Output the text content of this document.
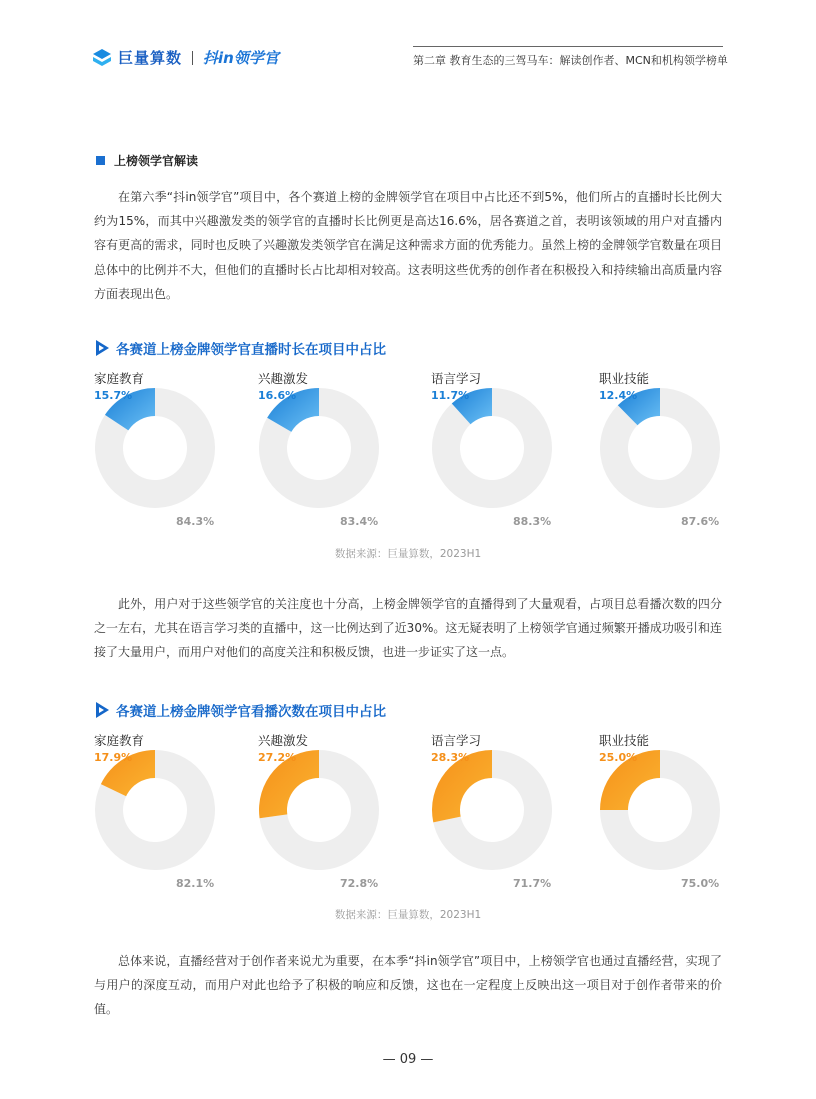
巨量算数 抖in领学官	第二章 教育生态的三驾马车：解读创作者、MCN和机构领学榜单
上榜领学官解读
在第六季“抖in领学官”项目中，各个赛道上榜的金牌领学官在项目中占比还不到5%，他们所占的直播时长比例大约为15%，而其中兴趣激发类的领学官的直播时长比例更是高达16.6%，居各赛道之首，表明该领域的用户对直播内容有更高的需求，同时也反映了兴趣激发类领学官在满足这种需求方面的优秀能力。虽然上榜的金牌领学官数量在项目总体中的比例并不大，但他们的直播时长占比却相对较高。这表明这些优秀的创作者在积极投入和持续输出高质量内容方面表现出色。
各赛道上榜金牌领学官直播时长在项目中占比
家庭教育
15.7%
84.3%
兴趣激发
16.6%
83.4%
语言学习
11.7%
88.3%
职业技能
12.4%
87.6%
数据来源：巨量算数，2023H1
此外，用户对于这些领学官的关注度也十分高，上榜金牌领学官的直播得到了大量观看，占项目总看播次数的四分之一左右，尤其在语言学习类的直播中，这一比例达到了近30%。这无疑表明了上榜领学官通过频繁开播成功吸引和连接了大量用户，而用户对他们的高度关注和积极反馈，也进一步证实了这一点。
各赛道上榜金牌领学官看播次数在项目中占比
家庭教育
17.9%
82.1%
兴趣激发
27.2%
72.8%
语言学习
28.3%
71.7%
职业技能
25.0%
75.0%
数据来源：巨量算数，2023H1
总体来说，直播经营对于创作者来说尤为重要，在本季“抖in领学官”项目中，上榜领学官也通过直播经营，实现了与用户的深度互动，而用户对此也给予了积极的响应和反馈，这也在一定程度上反映出这一项目对于创作者带来的价值。
— 09 —
